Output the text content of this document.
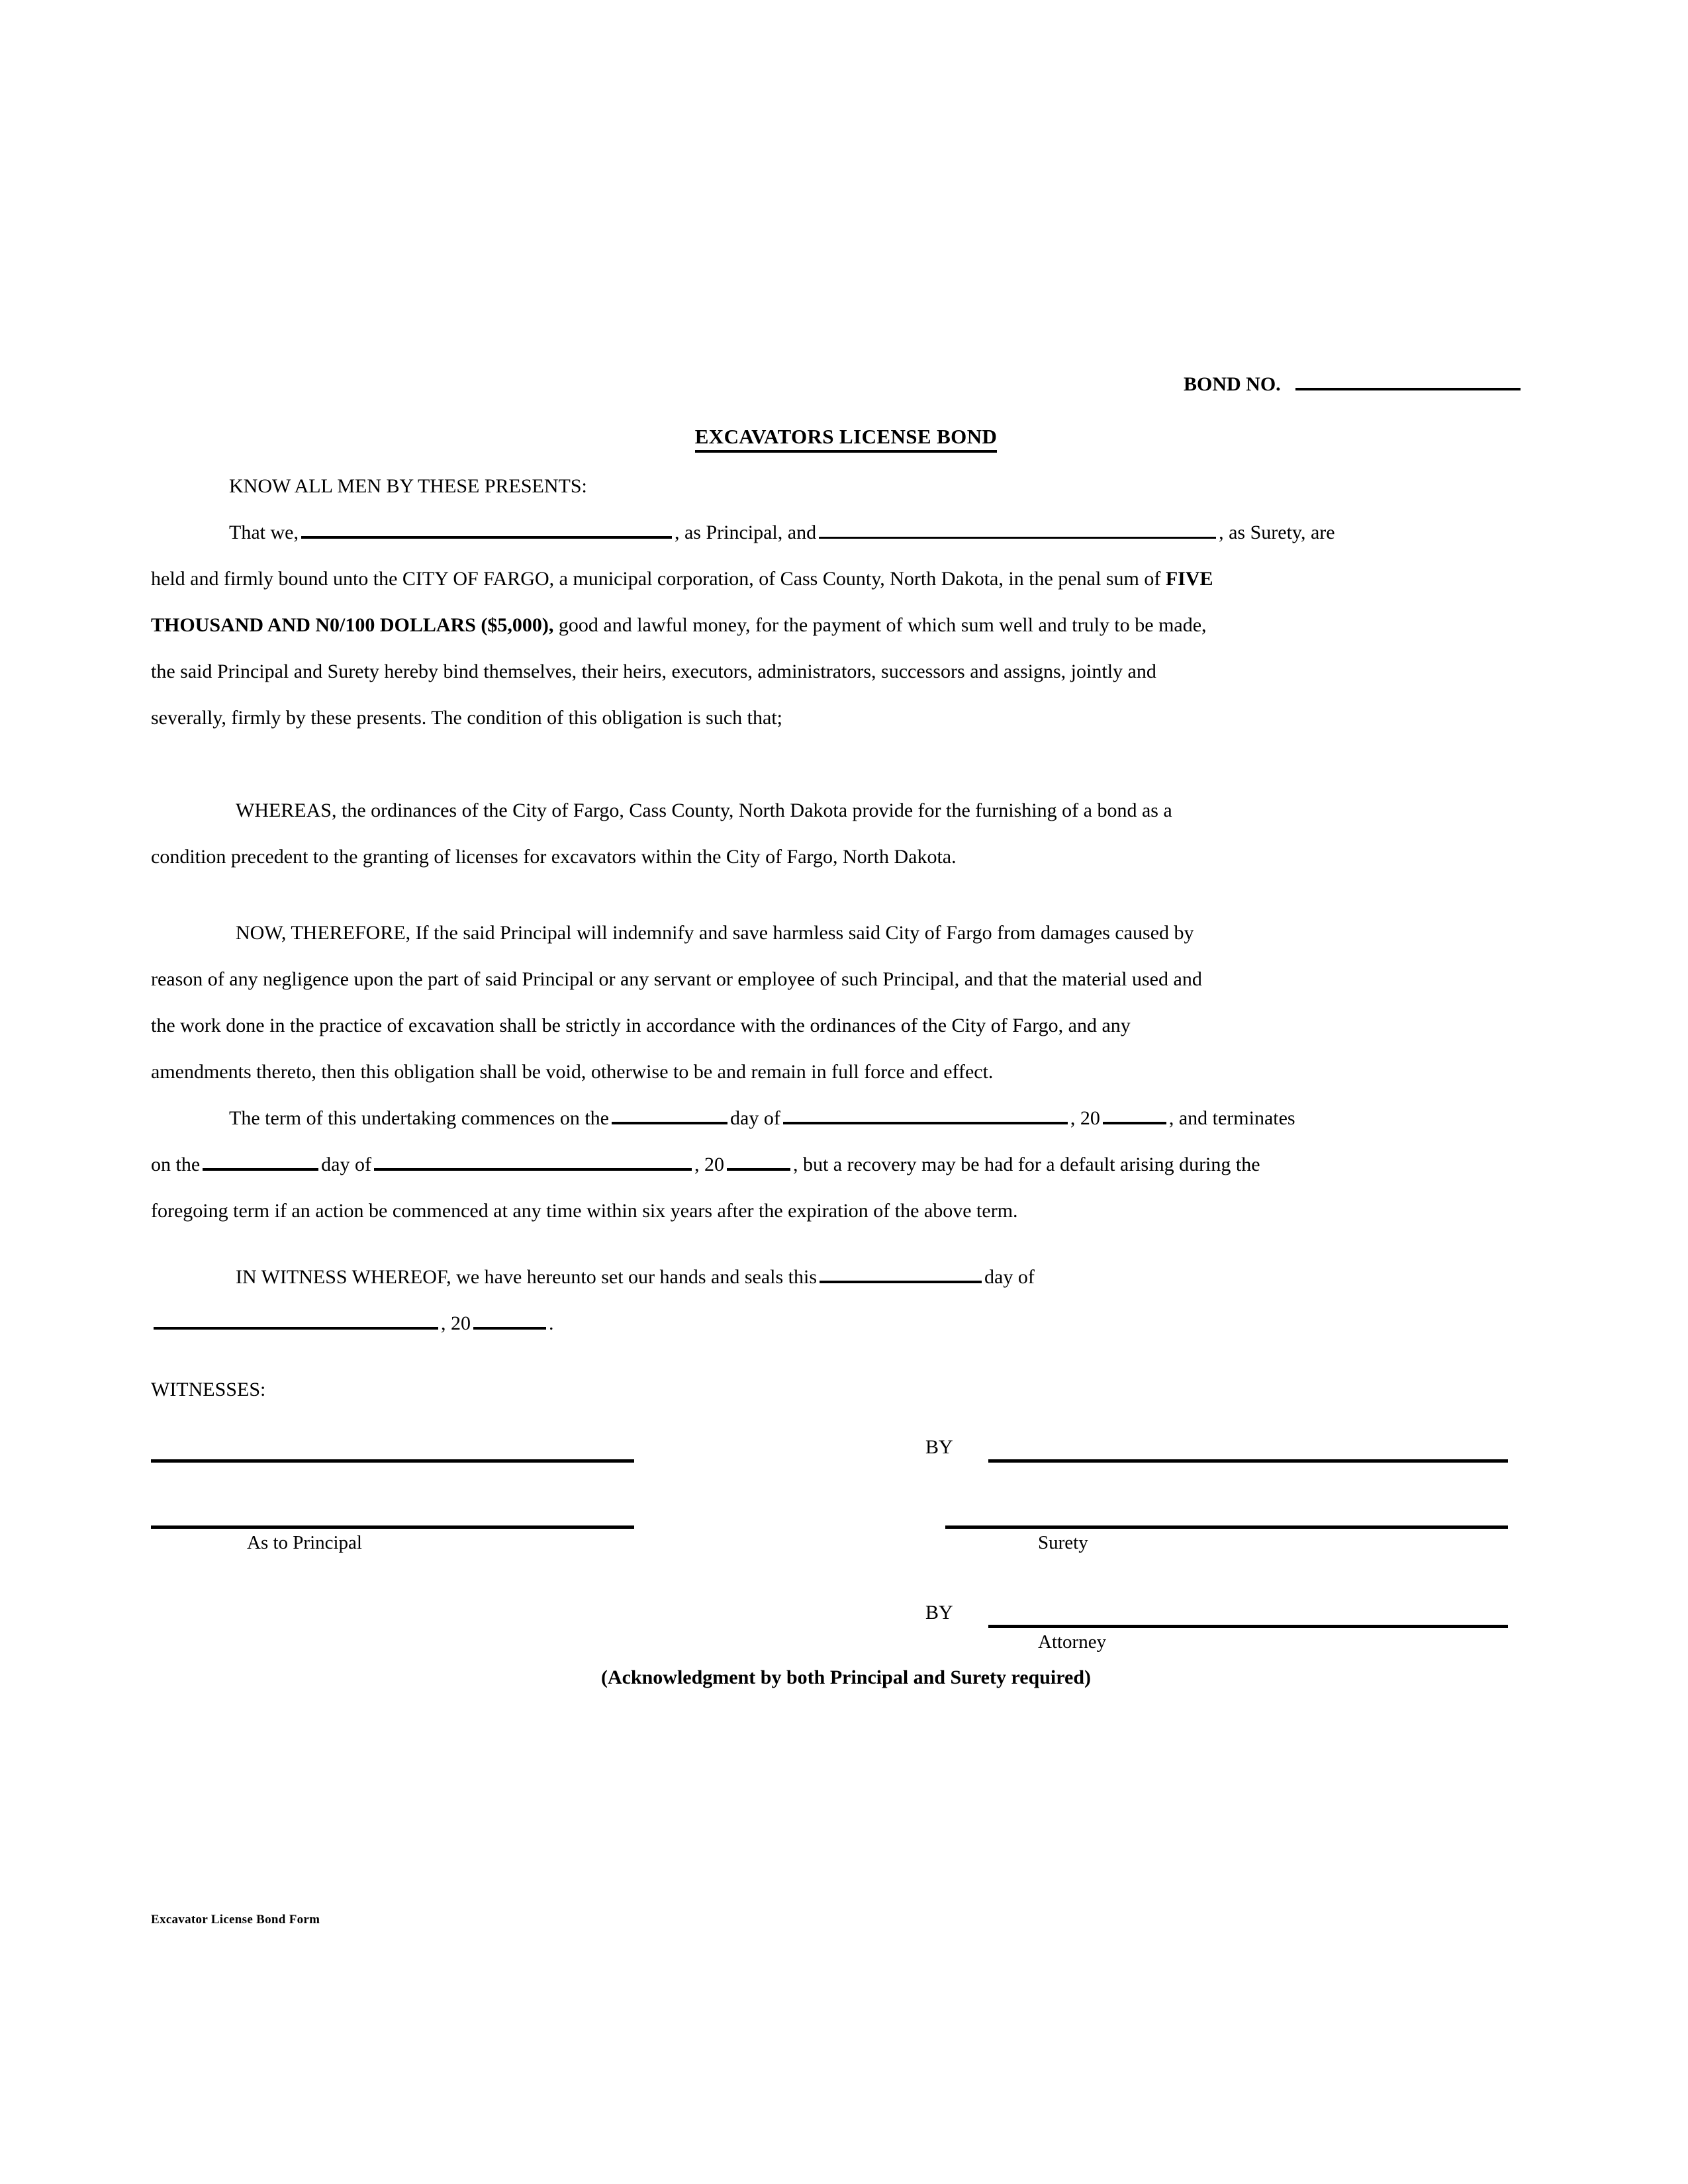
BOND NO.
EXCAVATORS LICENSE BOND
KNOW ALL MEN BY THESE PRESENTS:
That we,	, as Principal, and	, as Surety, are
held and firmly bound unto the CITY OF FARGO, a municipal corporation, of Cass County, North Dakota, in the penal sum of FIVE
THOUSAND AND N0/100 DOLLARS ($5,000), good and lawful money, for the payment of which sum well and truly to be made,
the said Principal and Surety hereby bind themselves, their heirs, executors, administrators, successors and assigns, jointly and
severally, firmly by these presents. The condition of this obligation is such that;
WHEREAS, the ordinances of the City of Fargo, Cass County, North Dakota provide for the furnishing of a bond as a
condition precedent to the granting of licenses for excavators within the City of Fargo, North Dakota.
NOW, THEREFORE, If the said Principal will indemnify and save harmless said City of Fargo from damages caused by
reason of any negligence upon the part of said Principal or any servant or employee of such Principal, and that the material used and
the work done in the practice of excavation shall be strictly in accordance with the ordinances of the City of Fargo, and any
amendments thereto, then this obligation shall be void, otherwise to be and remain in full force and effect.
The term of this undertaking commences on the	day of	, 20	, and terminates
on the	day of	, 20	, but a recovery may be had for a default arising during the
foregoing term if an action be commenced at any time within six years after the expiration of the above term.
IN WITNESS WHEREOF, we have hereunto set our hands and seals this	day of
, 20	.
WITNESSES:
As to Principal
BY
Surety
BY
Attorney
(Acknowledgment by both Principal and Surety required)
Excavator License Bond Form
